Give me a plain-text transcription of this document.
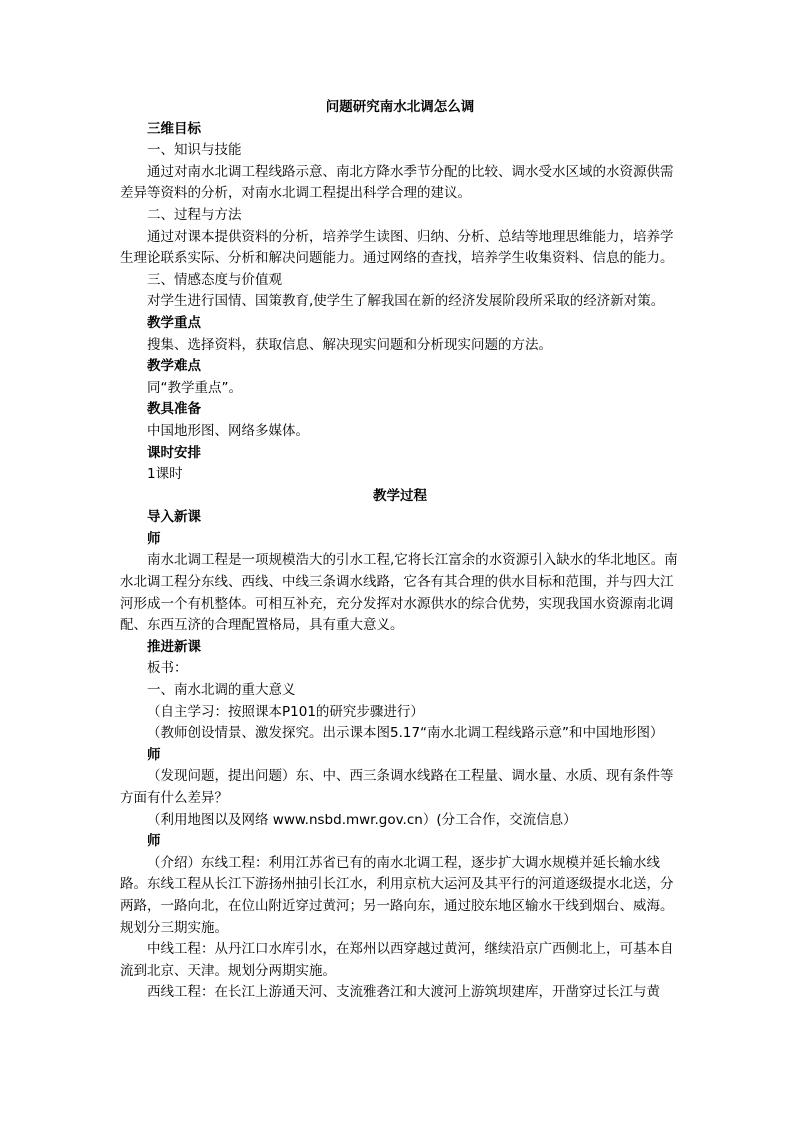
问题研究南水北调怎么调

三维目标

一、知识与技能

通过对南水北调工程线路示意、南北方降水季节分配的比较、调水受水区域的水资源供需差异等资料的分析，对南水北调工程提出科学合理的建议。

二、过程与方法

通过对课本提供资料的分析，培养学生读图、归纳、分析、总结等地理思维能力，培养学生理论联系实际、分析和解决问题能力。通过网络的查找，培养学生收集资料、信息的能力。

三、情感态度与价值观

对学生进行国情、国策教育,使学生了解我国在新的经济发展阶段所采取的经济新对策。

教学重点

搜集、选择资料，获取信息、解决现实问题和分析现实问题的方法。

教学难点

同“教学重点”。

教具准备

中国地形图、网络多媒体。

课时安排

1课时

教学过程

导入新课

师

南水北调工程是一项规模浩大的引水工程,它将长江富余的水资源引入缺水的华北地区。南水北调工程分东线、西线、中线三条调水线路，它各有其合理的供水目标和范围，并与四大江河形成一个有机整体。可相互补充，充分发挥对水源供水的综合优势，实现我国水资源南北调配、东西互济的合理配置格局，具有重大意义。

推进新课

板书：

一、南水北调的重大意义

（自主学习：按照课本P101的研究步骤进行）

（教师创设情景、激发探究。出示课本图5.17“南水北调工程线路示意”和中国地形图）

师

（发现问题，提出问题）东、中、西三条调水线路在工程量、调水量、水质、现有条件等方面有什么差异？

（利用地图以及网络 www.nsbd.mwr.gov.cn）(分工合作，交流信息）

师

（介绍）东线工程：利用江苏省已有的南水北调工程，逐步扩大调水规模并延长输水线路。东线工程从长江下游扬州抽引长江水，利用京杭大运河及其平行的河道逐级提水北送，分两路，一路向北，在位山附近穿过黄河；另一路向东，通过胶东地区输水干线到烟台、威海。规划分三期实施。

中线工程：从丹江口水库引水，在郑州以西穿越过黄河，继续沿京广西侧北上，可基本自流到北京、天津。规划分两期实施。

西线工程：在长江上游通天河、支流雅砻江和大渡河上游筑坝建库，开凿穿过长江与黄
